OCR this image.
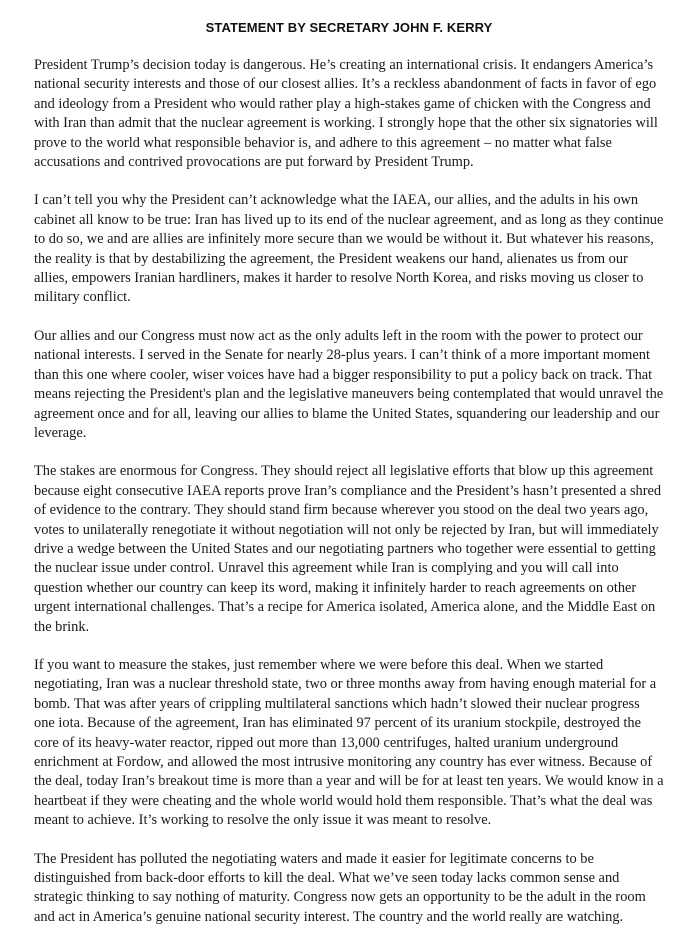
STATEMENT BY SECRETARY JOHN F. KERRY

President Trump’s decision today is dangerous. He’s creating an international crisis. It endangers America’s national security interests and those of our closest allies. It’s a reckless abandonment of facts in favor of ego and ideology from a President who would rather play a high-stakes game of chicken with the Congress and with Iran than admit that the nuclear agreement is working. I strongly hope that the other six signatories will prove to the world what responsible behavior is, and adhere to this agreement – no matter what false accusations and contrived provocations are put forward by President Trump.

I can’t tell you why the President can’t acknowledge what the IAEA, our allies, and the adults in his own cabinet all know to be true: Iran has lived up to its end of the nuclear agreement, and as long as they continue to do so, we and are allies are infinitely more secure than we would be without it. But whatever his reasons, the reality is that by destabilizing the agreement, the President weakens our hand, alienates us from our allies, empowers Iranian hardliners, makes it harder to resolve North Korea, and risks moving us closer to military conflict.

Our allies and our Congress must now act as the only adults left in the room with the power to protect our national interests. I served in the Senate for nearly 28-plus years. I can’t think of a more important moment than this one where cooler, wiser voices have had a bigger responsibility to put a policy back on track. That means rejecting the President's plan and the legislative maneuvers being contemplated that would unravel the agreement once and for all, leaving our allies to blame the United States, squandering our leadership and our leverage.

The stakes are enormous for Congress. They should reject all legislative efforts that blow up this agreement because eight consecutive IAEA reports prove Iran’s compliance and the President’s hasn’t presented a shred of evidence to the contrary. They should stand firm because wherever you stood on the deal two years ago, votes to unilaterally renegotiate it without negotiation will not only be rejected by Iran, but will immediately drive a wedge between the United States and our negotiating partners who together were essential to getting the nuclear issue under control. Unravel this agreement while Iran is complying and you will call into question whether our country can keep its word, making it infinitely harder to reach agreements on other urgent international challenges. That’s a recipe for America isolated, America alone, and the Middle East on the brink.

If you want to measure the stakes, just remember where we were before this deal. When we started negotiating, Iran was a nuclear threshold state, two or three months away from having enough material for a bomb. That was after years of crippling multilateral sanctions which hadn’t slowed their nuclear progress one iota. Because of the agreement, Iran has eliminated 97 percent of its uranium stockpile, destroyed the core of its heavy-water reactor, ripped out more than 13,000 centrifuges, halted uranium underground enrichment at Fordow, and allowed the most intrusive monitoring any country has ever witness. Because of the deal, today Iran’s breakout time is more than a year and will be for at least ten years. We would know in a heartbeat if they were cheating and the whole world would hold them responsible. That’s what the deal was meant to achieve. It’s working to resolve the only issue it was meant to resolve.

The President has polluted the negotiating waters and made it easier for legitimate concerns to be distinguished from back-door efforts to kill the deal. What we’ve seen today lacks common sense and strategic thinking to say nothing of maturity. Congress now gets an opportunity to be the adult in the room and act in America’s genuine national security interest. The country and the world really are watching.
